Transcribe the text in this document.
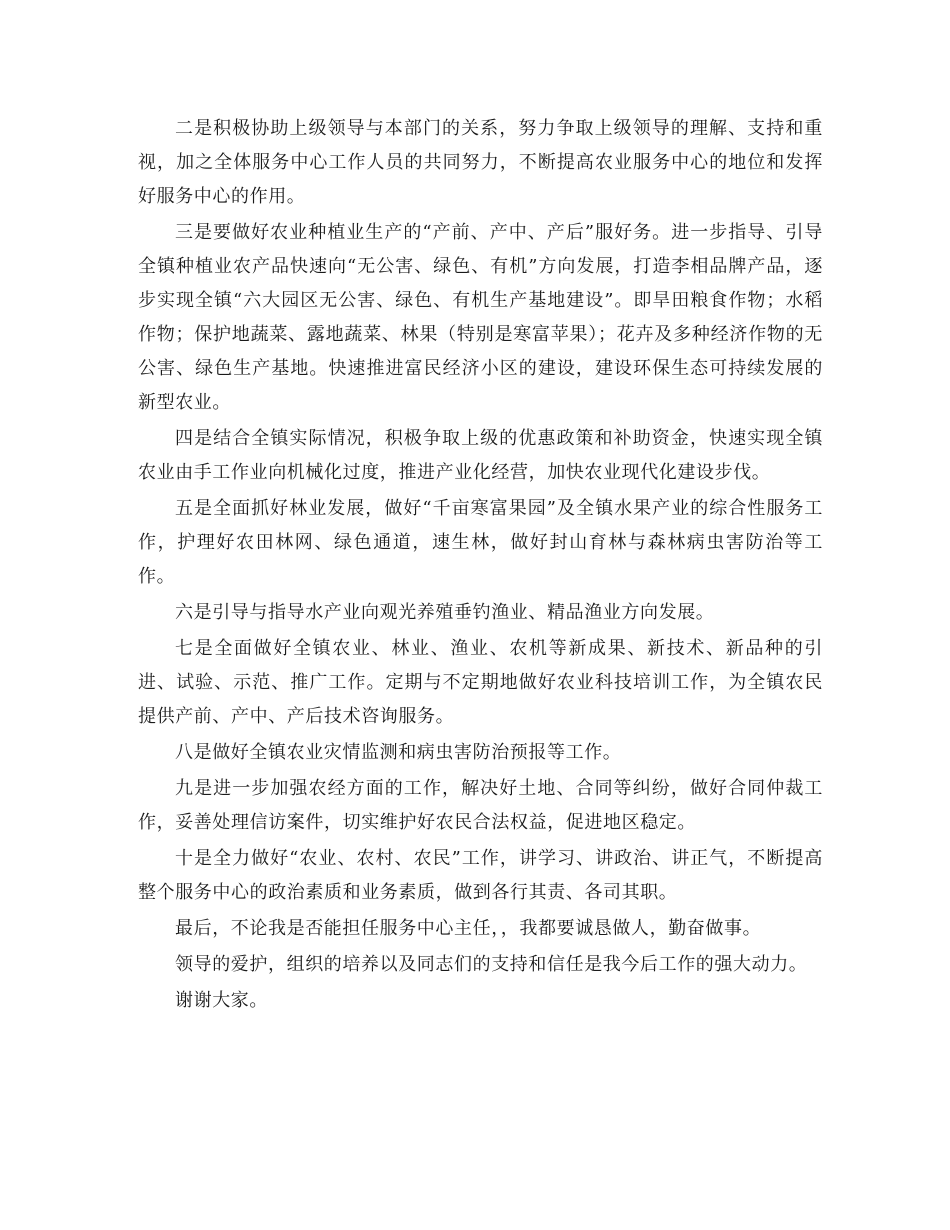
二是积极协助上级领导与本部门的关系，努力争取上级领导的理解、支持和重视，加之全体服务中心工作人员的共同努力，不断提高农业服务中心的地位和发挥好服务中心的作用。

三是要做好农业种植业生产的“产前、产中、产后”服好务。进一步指导、引导全镇种植业农产品快速向“无公害、绿色、有机”方向发展，打造李相品牌产品，逐步实现全镇“六大园区无公害、绿色、有机生产基地建设”。即旱田粮食作物；水稻作物；保护地蔬菜、露地蔬菜、林果（特别是寒富苹果）；花卉及多种经济作物的无公害、绿色生产基地。快速推进富民经济小区的建设，建设环保生态可持续发展的新型农业。

四是结合全镇实际情况，积极争取上级的优惠政策和补助资金，快速实现全镇农业由手工作业向机械化过度，推进产业化经营，加快农业现代化建设步伐。

五是全面抓好林业发展，做好“千亩寒富果园”及全镇水果产业的综合性服务工作，护理好农田林网、绿色通道，速生林，做好封山育林与森林病虫害防治等工作。

六是引导与指导水产业向观光养殖垂钓渔业、精品渔业方向发展。

七是全面做好全镇农业、林业、渔业、农机等新成果、新技术、新品种的引进、试验、示范、推广工作。定期与不定期地做好农业科技培训工作，为全镇农民提供产前、产中、产后技术咨询服务。

八是做好全镇农业灾情监测和病虫害防治预报等工作。

九是进一步加强农经方面的工作，解决好土地、合同等纠纷，做好合同仲裁工作，妥善处理信访案件，切实维护好农民合法权益，促进地区稳定。

十是全力做好“农业、农村、农民”工作，讲学习、讲政治、讲正气，不断提高整个服务中心的政治素质和业务素质，做到各行其责、各司其职。

最后，不论我是否能担任服务中心主任，，我都要诚恳做人，勤奋做事。

领导的爱护，组织的培养以及同志们的支持和信任是我今后工作的强大动力。

谢谢大家。
